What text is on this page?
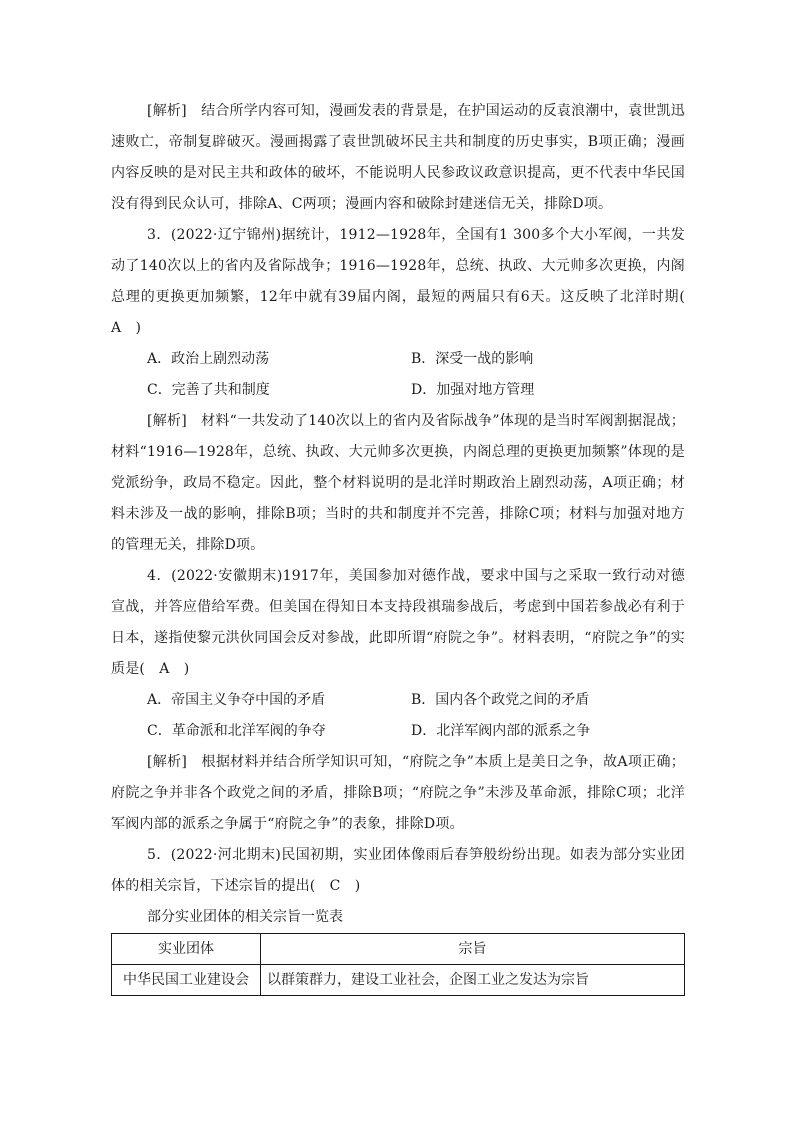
[解析]　结合所学内容可知，漫画发表的背景是，在护国运动的反袁浪潮中，袁世凯迅速败亡，帝制复辟破灭。漫画揭露了袁世凯破坏民主共和制度的历史事实，B项正确；漫画内容反映的是对民主共和政体的破坏，不能说明人民参政议政意识提高，更不代表中华民国没有得到民众认可，排除A、C两项；漫画内容和破除封建迷信无关，排除D项。

3．(2022·辽宁锦州)据统计，1912—1928年，全国有1 300多个大小军阀，一共发动了140次以上的省内及省际战争；1916—1928年，总统、执政、大元帅多次更换，内阁总理的更换更加频繁，12年中就有39届内阁，最短的两届只有6天。这反映了北洋时期(　A　)

A．政治上剧烈动荡	B．深受一战的影响
C．完善了共和制度	D．加强对地方管理

[解析]　材料“一共发动了140次以上的省内及省际战争”体现的是当时军阀割据混战；材料“1916—1928年，总统、执政、大元帅多次更换，内阁总理的更换更加频繁”体现的是党派纷争，政局不稳定。因此，整个材料说明的是北洋时期政治上剧烈动荡，A项正确；材料未涉及一战的影响，排除B项；当时的共和制度并不完善，排除C项；材料与加强对地方的管理无关，排除D项。

4．(2022·安徽期末)1917年，美国参加对德作战，要求中国与之采取一致行动对德宣战，并答应借给军费。但美国在得知日本支持段祺瑞参战后，考虑到中国若参战必有利于日本，遂指使黎元洪伙同国会反对参战，此即所谓“府院之争”。材料表明，“府院之争”的实质是(　A　)

A．帝国主义争夺中国的矛盾	B．国内各个政党之间的矛盾
C．革命派和北洋军阀的争夺	D．北洋军阀内部的派系之争

[解析]　根据材料并结合所学知识可知，“府院之争”本质上是美日之争，故A项正确；府院之争并非各个政党之间的矛盾，排除B项；“府院之争”未涉及革命派，排除C项；北洋军阀内部的派系之争属于“府院之争”的表象，排除D项。

5．(2022·河北期末)民国初期，实业团体像雨后春笋般纷纷出现。如表为部分实业团体的相关宗旨，下述宗旨的提出(　C　)

部分实业团体的相关宗旨一览表

实业团体	宗旨
中华民国工业建设会	以群策群力，建设工业社会，企图工业之发达为宗旨
